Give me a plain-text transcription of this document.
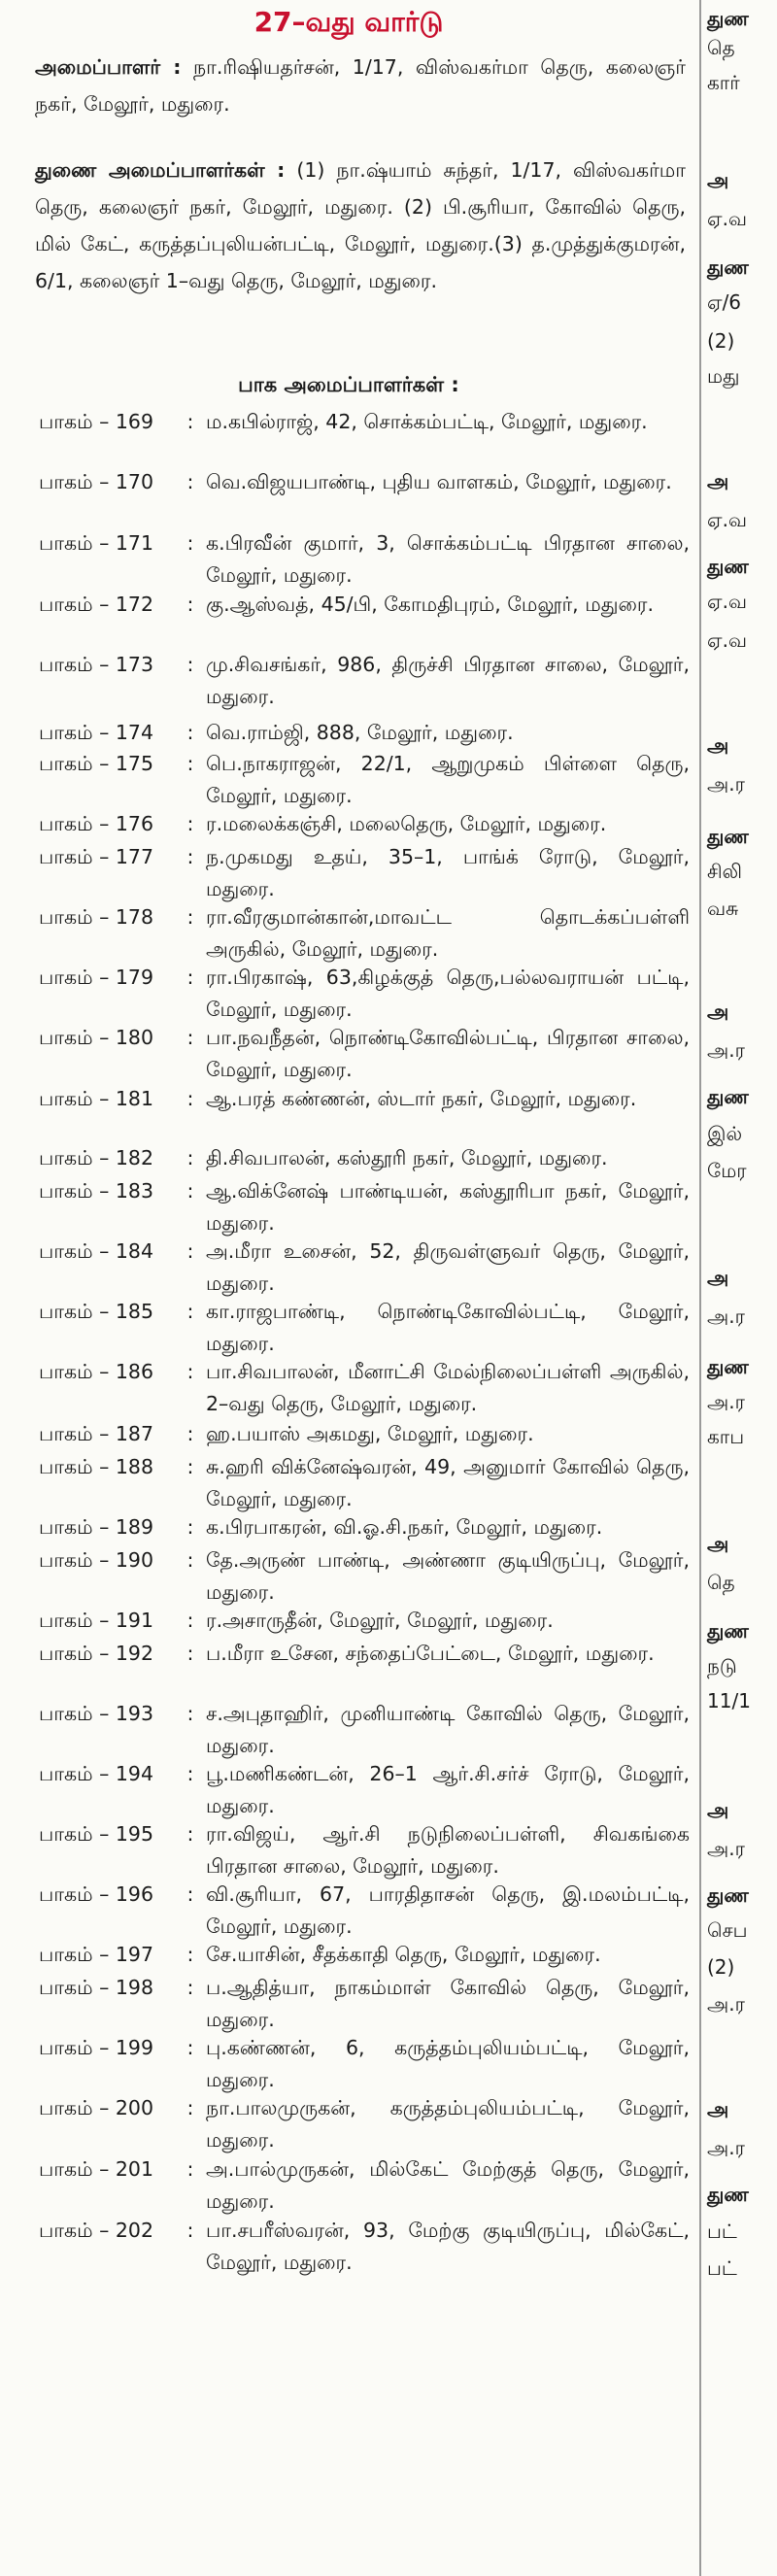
27–வது வார்டு
அமைப்பாளர் : நா.ரிஷியதர்சன், 1/17, விஸ்வகர்மா தெரு, கலைஞர் நகர், மேலூர், மதுரை.
துணை அமைப்பாளர்கள் : (1) நா.ஷ்யாம் சுந்தர், 1/17, விஸ்வகர்மா தெரு, கலைஞர் நகர், மேலூர், மதுரை. (2) பி.சூரியா, கோவில் தெரு, மில் கேட், கருத்தப்புலியன்பட்டி, மேலூர், மதுரை.(3) த.முத்துக்குமரன், 6/1, கலைஞர் 1–வது தெரு, மேலூர், மதுரை.
பாக அமைப்பாளர்கள் :
பாகம் – 169	: ம.கபில்ராஜ், 42, சொக்கம்பட்டி, மேலூர், மதுரை.
பாகம் – 170	: வெ.விஜயபாண்டி, புதிய வாளகம், மேலூர், மதுரை.
பாகம் – 171	: க.பிரவீன் குமார், 3, சொக்கம்பட்டி பிரதான சாலை, மேலூர், மதுரை.
பாகம் – 172	: கு.ஆஸ்வத், 45/பி, கோமதிபுரம், மேலூர், மதுரை.
பாகம் – 173	: மு.சிவசங்கர், 986, திருச்சி பிரதான சாலை, மேலூர், மதுரை.
பாகம் – 174	: வெ.ராம்ஜி, 888, மேலூர், மதுரை.
பாகம் – 175	: பெ.நாகராஜன், 22/1, ஆறுமுகம் பிள்ளை தெரு, மேலூர், மதுரை.
பாகம் – 176	: ர.மலைக்கஞ்சி, மலைதெரு, மேலூர், மதுரை.
பாகம் – 177	: ந.முகமது உதய், 35–1, பாங்க் ரோடு, மேலூர், மதுரை.
பாகம் – 178	: ரா.வீரகுமான்கான்,மாவட்ட தொடக்கப்பள்ளி அருகில், மேலூர், மதுரை.
பாகம் – 179	: ரா.பிரகாஷ், 63,கிழக்குத் தெரு,பல்லவராயன் பட்டி, மேலூர், மதுரை.
பாகம் – 180	: பா.நவநீதன், நொண்டிகோவில்பட்டி, பிரதான சாலை, மேலூர், மதுரை.
பாகம் – 181	: ஆ.பரத் கண்ணன், ஸ்டார் நகர், மேலூர், மதுரை.
பாகம் – 182	: தி.சிவபாலன், கஸ்தூரி நகர், மேலூர், மதுரை.
பாகம் – 183	: ஆ.விக்னேஷ் பாண்டியன், கஸ்தூரிபா நகர், மேலூர், மதுரை.
பாகம் – 184	: அ.மீரா உசைன், 52, திருவள்ளுவர் தெரு, மேலூர், மதுரை.
பாகம் – 185	: கா.ராஜபாண்டி, நொண்டிகோவில்பட்டி, மேலூர், மதுரை.
பாகம் – 186	: பா.சிவபாலன், மீனாட்சி மேல்நிலைப்பள்ளி அருகில், 2–வது தெரு, மேலூர், மதுரை.
பாகம் – 187	: ஹ.பயாஸ் அகமது, மேலூர், மதுரை.
பாகம் – 188	: சு.ஹரி விக்னேஷ்வரன், 49, அனுமார் கோவில் தெரு, மேலூர், மதுரை.
பாகம் – 189	: க.பிரபாகரன், வி.ஓ.சி.நகர், மேலூர், மதுரை.
பாகம் – 190	: தே.அருண் பாண்டி, அண்ணா குடியிருப்பு, மேலூர், மதுரை.
பாகம் – 191	: ர.அசாருதீன், மேலூர், மேலூர், மதுரை.
பாகம் – 192	: ப.மீரா உசேன, சந்தைப்பேட்டை, மேலூர், மதுரை.
பாகம் – 193	: ச.அபுதாஹிர், முனியாண்டி கோவில் தெரு, மேலூர், மதுரை.
பாகம் – 194	: பூ.மணிகண்டன், 26–1 ஆர்.சி.சர்ச் ரோடு, மேலூர், மதுரை.
பாகம் – 195	: ரா.விஜய், ஆர்.சி நடுநிலைப்பள்ளி, சிவகங்கை பிரதான சாலை, மேலூர், மதுரை.
பாகம் – 196	: வி.சூரியா, 67, பாரதிதாசன் தெரு, இ.மலம்பட்டி, மேலூர், மதுரை.
பாகம் – 197	: சே.யாசின், சீதக்காதி தெரு, மேலூர், மதுரை.
பாகம் – 198	: ப.ஆதித்யா, நாகம்மாள் கோவில் தெரு, மேலூர், மதுரை.
பாகம் – 199	: பு.கண்ணன், 6, கருத்தம்புலியம்பட்டி, மேலூர், மதுரை.
பாகம் – 200	: நா.பாலமுருகன், கருத்தம்புலியம்பட்டி, மேலூர், மதுரை.
பாகம் – 201	: அ.பால்முருகன், மில்கேட் மேற்குத் தெரு, மேலூர், மதுரை.
பாகம் – 202	: பா.சபரீஸ்வரன், 93, மேற்கு குடியிருப்பு, மில்கேட், மேலூர், மதுரை.
துண
தெ
கார்
அ
ஏ.வ
துண
ஏ/6
(2)
மது
அ
ஏ.வ
துண
ஏ.வ
ஏ.வ
அ
அ.ர
துண
சிலி
வசு
அ
அ.ர
துண
இல்
மேர
அ
அ.ர
துண
அ.ர
காப
அ
தெ
துண
நடு
11/1
அ
அ.ர
துண
செப
(2)
அ.ர
அ
அ.ர
துண
பட்
பட்
